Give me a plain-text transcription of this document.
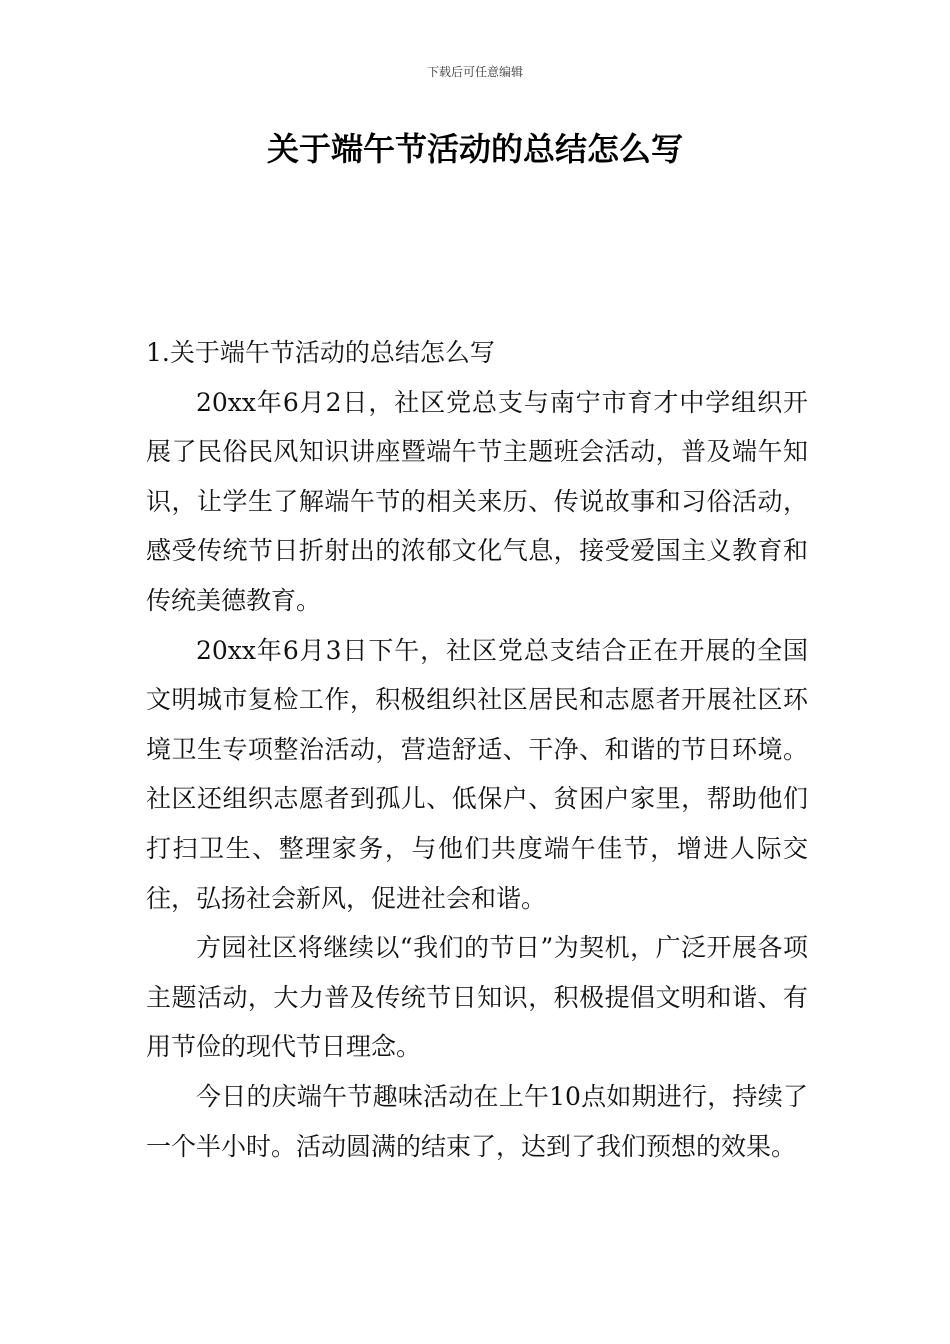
下载后可任意编辑
关于端午节活动的总结怎么写
1.关于端午节活动的总结怎么写

20xx年6月2日，社区党总支与南宁市育才中学组织开展了民俗民风知识讲座暨端午节主题班会活动，普及端午知识，让学生了解端午节的相关来历、传说故事和习俗活动，感受传统节日折射出的浓郁文化气息，接受爱国主义教育和传统美德教育。

20xx年6月3日下午，社区党总支结合正在开展的全国文明城市复检工作，积极组织社区居民和志愿者开展社区环境卫生专项整治活动，营造舒适、干净、和谐的节日环境。社区还组织志愿者到孤儿、低保户、贫困户家里，帮助他们打扫卫生、整理家务，与他们共度端午佳节，增进人际交往，弘扬社会新风，促进社会和谐。

方园社区将继续以“我们的节日”为契机，广泛开展各项主题活动，大力普及传统节日知识，积极提倡文明和谐、有用节俭的现代节日理念。

今日的庆端午节趣味活动在上午10点如期进行，持续了一个半小时。活动圆满的结束了，达到了我们预想的效果。
